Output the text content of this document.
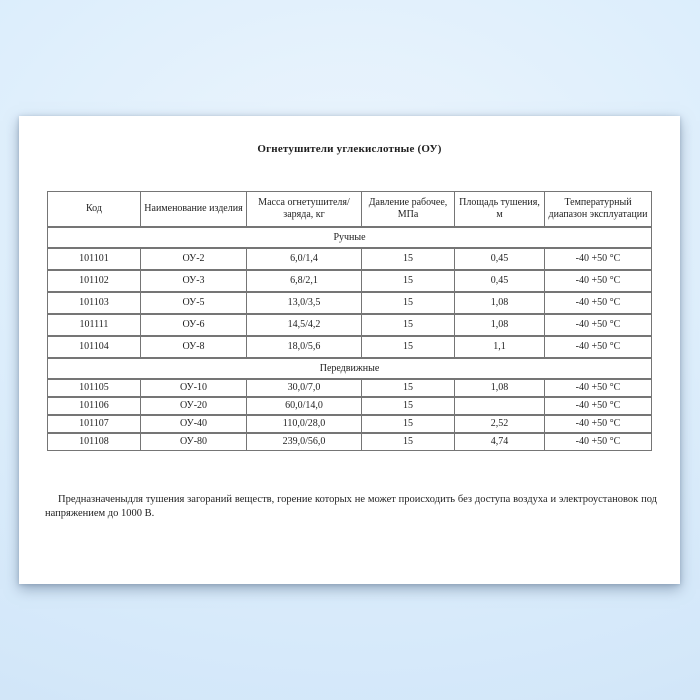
Огнетушители углекислотные (ОУ)

Код	Наименование изделия	Масса огнетушителя/ заряда, кг	Давление рабочее, МПа	Площадь тушения, м	Температурный диапазон эксплуатации
Ручные					
101101	ОУ-2	6,0/1,4	15	0,45	-40 +50 °C
101102	ОУ-3	6,8/2,1	15	0,45	-40 +50 °C
101103	ОУ-5	13,0/3,5	15	1,08	-40 +50 °C
101111	ОУ-6	14,5/4,2	15	1,08	-40 +50 °C
101104	ОУ-8	18,0/5,6	15	1,1	-40 +50 °C
Передвижные					
101105	ОУ-10	30,0/7,0	15	1,08	-40 +50 °C
101106	ОУ-20	60,0/14,0	15		-40 +50 °C
101107	ОУ-40	110,0/28,0	15	2,52	-40 +50 °C
101108	ОУ-80	239,0/56,0	15	4,74	-40 +50 °C

Предназначеныдля тушения загораний веществ, горение которых не может происходить без доступа воздуха и электроустановок под напряжением до 1000 В.
